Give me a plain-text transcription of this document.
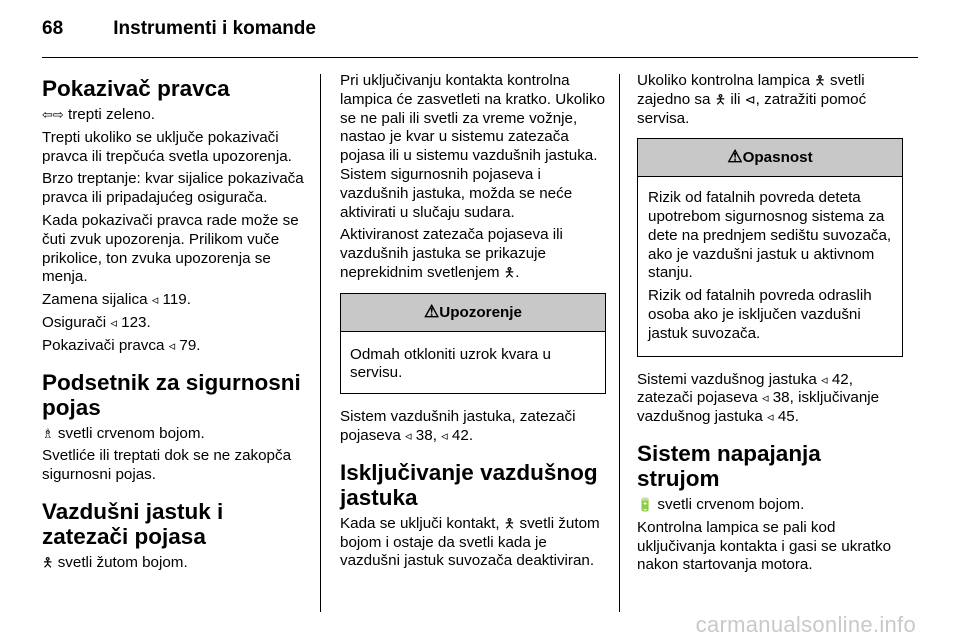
68	Instrumenti i komande
Pokazivač pravca

⇦⇨ trepti zeleno.

Trepti ukoliko se uključe pokazivači pravca ili trepčuća svetla upozorenja.

Brzo treptanje: kvar sijalice pokazivača pravca ili pripadajućeg osigurača.

Kada pokazivači pravca rade može se čuti zvuk upozorenja. Prilikom vuče prikolice, ton zvuka upozorenja se menja.

Zamena sijalica ◃ 119.

Osigurači ◃ 123.

Pokazivači pravca ◃ 79.

Podsetnik za sigurnosni pojas

♗ svetli crvenom bojom.

Svetliće ili treptati dok se ne zakopča sigurnosni pojas.

Vazdušni jastuk i zatezači pojasa

🯅 svetli žutom bojom.

Pri uključivanju kontakta kontrolna lampica će zasvetleti na kratko. Ukoliko se ne pali ili svetli za vreme vožnje, nastao je kvar u sistemu zatezača pojasa ili u sistemu vazdušnih jastuka. Sistem sigurnosnih pojaseva i vazdušnih jastuka, možda se neće aktivirati u slučaju sudara.

Aktiviranost zatezača pojaseva ili vazdušnih jastuka se prikazuje neprekidnim svetlenjem 🯅.

⚠Upozorenje
Odmah otkloniti uzrok kvara u servisu.

Sistem vazdušnih jastuka, zatezači pojaseva ◃ 38, ◃ 42.

Isključivanje vazdušnog jastuka

Kada se uključi kontakt, 🯅 svetli žutom bojom i ostaje da svetli kada je vazdušni jastuk suvozača deaktiviran.

Ukoliko kontrolna lampica 🯅 svetli zajedno sa 🯅 ili ⊲, zatražiti pomoć servisa.

⚠Opasnost

Rizik od fatalnih povreda deteta upotrebom sigurnosnog sistema za dete na prednjem sedištu suvozača, ako je vazdušni jastuk u aktivnom stanju.

Rizik od fatalnih povreda odraslih osoba ako je isključen vazdušni jastuk suvozača.

Sistemi vazdušnog jastuka ◃ 42, zatezači pojaseva ◃ 38, isključivanje vazdušnog jastuka ◃ 45.

Sistem napajanja strujom

🔋 svetli crvenom bojom.

Kontrolna lampica se pali kod uključivanja kontakta i gasi se ukratko nakon startovanja motora.

carmanualsonline.info
